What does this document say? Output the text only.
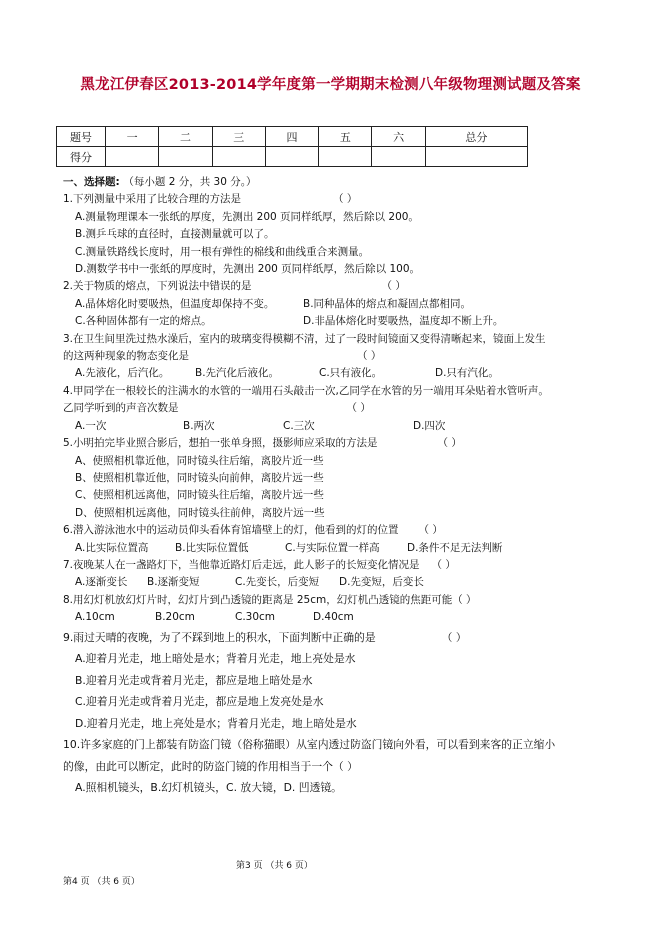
黑龙江伊春区2013-2014学年度第一学期期末检测八年级物理测试题及答案
题号	一	二	三	四	五	六	总分
得分							
一、选择题: （每小题 2 分，共 30 分。）
1.下列测量中采用了比较合理的方法是	（ ）
A.测量物理课本一张纸的厚度，先测出 200 页同样纸厚，然后除以 200。
B.测乒乓球的直径时，直接测量就可以了。
C.测量铁路线长度时，用一根有弹性的棉线和曲线重合来测量。
D.测数学书中一张纸的厚度时，先测出 200 页同样纸厚，然后除以 100。
2.关于物质的熔点，下列说法中错误的是	（ ）
A.晶体熔化时要吸热，但温度却保持不变。	B.同种晶体的熔点和凝固点都相同。
C.各种固体都有一定的熔点。	D.非晶体熔化时要吸热，温度却不断上升。
3.在卫生间里洗过热水澡后，室内的玻璃变得模糊不清，过了一段时间镜面又变得清晰起来，镜面上发生
的这两种现象的物态变化是	（ ）
A.先液化，后汽化。 B.先汽化后液化。	C.只有液化。	D.只有汽化。
4.甲同学在一根较长的注满水的水管的一端用石头敲击一次,乙同学在水管的另一端用耳朵贴着水管听声。
乙同学听到的声音次数是	（ ）
A.一次	B.两次	C.三次	D.四次
5.小明拍完毕业照合影后，想拍一张单身照，摄影师应采取的方法是	（ ）
A、使照相机靠近他，同时镜头往后缩，离胶片近一些
B、使照相机靠近他，同时镜头向前伸，离胶片远一些
C、使照相机远离他，同时镜头往后缩，离胶片远一些
D、使照相机远离他，同时镜头往前伸，离胶片远一些
6.潜入游泳池水中的运动员仰头看体育馆墙壁上的灯，他看到的灯的位置 （ ）
A.比实际位置高	B.比实际位置低	C.与实际位置一样高	D.条件不足无法判断
7.夜晚某人在一盏路灯下，当他靠近路灯后走远，此人影子的长短变化情况是 （ ）
A.逐渐变长 B.逐渐变短	C.先变长，后变短 D.先变短，后变长
8.用幻灯机放幻灯片时，幻灯片到凸透镜的距离是 25cm，幻灯机凸透镜的焦距可能（ ）
A.10cm	B.20cm	C.30cm	D.40cm
9.雨过天晴的夜晚，为了不踩到地上的积水，下面判断中正确的是	（ ）
A.迎着月光走，地上暗处是水；背着月光走，地上亮处是水
B.迎着月光走或背着月光走，都应是地上暗处是水
C.迎着月光走或背着月光走，都应是地上发亮处是水
D.迎着月光走，地上亮处是水；背着月光走，地上暗处是水
10.许多家庭的门上都装有防盗门镜（俗称猫眼）从室内透过防盗门镜向外看，可以看到来客的正立缩小
的像，由此可以断定，此时的防盗门镜的作用相当于一个（ ）
A.照相机镜头，B.幻灯机镜头，C. 放大镜，D. 凹透镜。
第3 页 （共 6 页）
第4 页 （共 6 页）
